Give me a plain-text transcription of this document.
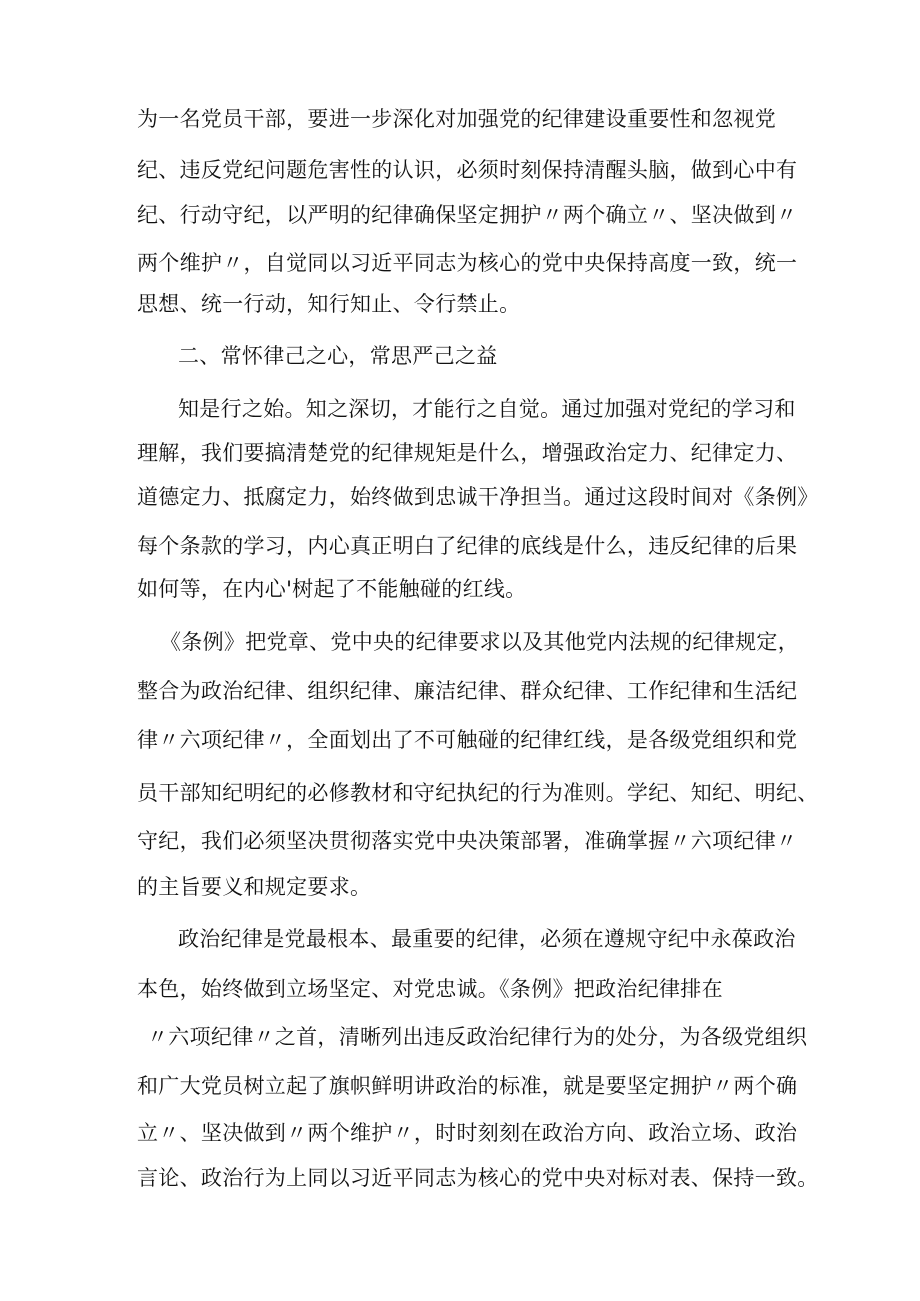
为一名党员干部，要进一步深化对加强党的纪律建设重要性和忽视党
纪、违反党纪问题危害性的认识，必须时刻保持清醒头脑，做到心中有
纪、行动守纪，以严明的纪律确保坚定拥护〃两个确立〃、坚决做到〃
两个维护〃，自觉同以习近平同志为核心的党中央保持高度一致，统一
思想、统一行动，知行知止、令行禁止。
二、常怀律己之心，常思严己之益
知是行之始。知之深切，才能行之自觉。通过加强对党纪的学习和
理解，我们要搞清楚党的纪律规矩是什么，增强政治定力、纪律定力、
道德定力、抵腐定力，始终做到忠诚干净担当。通过这段时间对《条例》
每个条款的学习，内心真正明白了纪律的底线是什么，违反纪律的后果
如何等，在内心'树起了不能触碰的红线。
《条例》把党章、党中央的纪律要求以及其他党内法规的纪律规定，
整合为政治纪律、组织纪律、廉洁纪律、群众纪律、工作纪律和生活纪
律〃六项纪律〃，全面划出了不可触碰的纪律红线，是各级党组织和党
员干部知纪明纪的必修教材和守纪执纪的行为准则。学纪、知纪、明纪、
守纪，我们必须坚决贯彻落实党中央决策部署，准确掌握〃六项纪律〃
的主旨要义和规定要求。
政治纪律是党最根本、最重要的纪律，必须在遵规守纪中永葆政治
本色，始终做到立场坚定、对党忠诚。《条例》把政治纪律排在
〃六项纪律〃之首，清晰列出违反政治纪律行为的处分，为各级党组织
和广大党员树立起了旗帜鲜明讲政治的标准，就是要坚定拥护〃两个确
立〃、坚决做到〃两个维护〃，时时刻刻在政治方向、政治立场、政治
言论、政治行为上同以习近平同志为核心的党中央对标对表、保持一致。
